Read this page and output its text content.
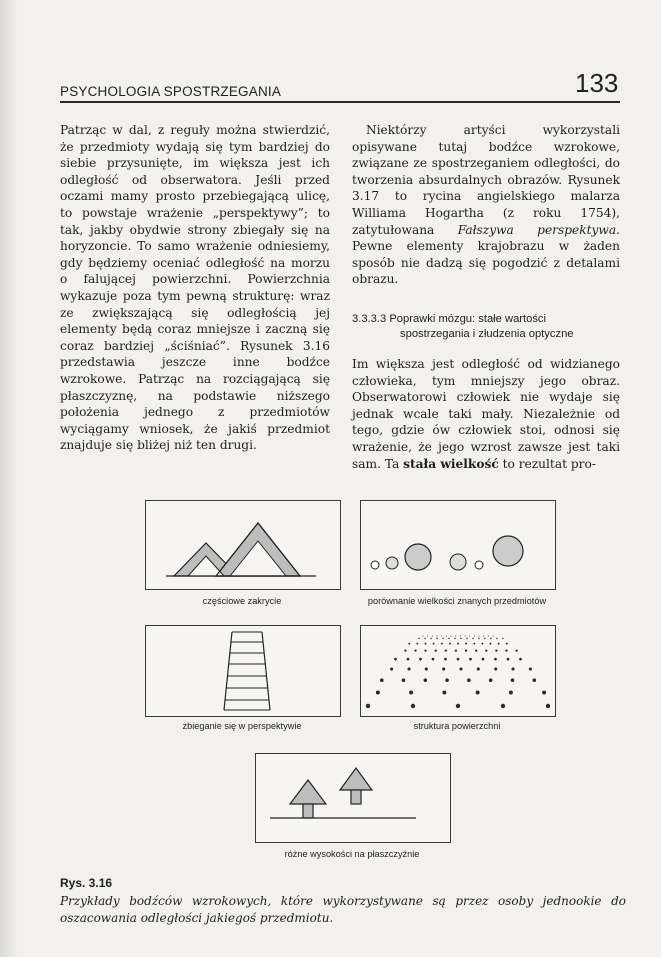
PSYCHOLOGIA SPOSTRZEGANIA	133

Patrząc w dal, z reguły można stwierdzić, że przedmioty wydają się tym bardziej do siebie przysunięte, im większa jest ich odległość od obserwatora. Jeśli przed oczami mamy prosto przebiegającą ulicę, to powstaje wrażenie „perspektywy”; to tak, jakby obydwie strony zbiegały się na horyzoncie. To samo wrażenie odniesiemy, gdy będziemy oceniać odległość na morzu o falującej powierzchni. Powierzchnia wykazuje poza tym pewną strukturę: wraz ze zwiększającą się odległością jej elementy będą coraz mniejsze i zaczną się coraz bardziej „ściśniać”. Rysunek 3.16 przedstawia jeszcze inne bodźce wzrokowe. Patrząc na rozciągającą się płaszczyznę, na podstawie niższego położenia jednego z przedmiotów wyciągamy wniosek, że jakiś przedmiot znajduje się bliżej niż ten drugi.

Niektórzy artyści wykorzystali opisywane tutaj bodźce wzrokowe, związane ze spostrzeganiem odległości, do tworzenia absurdalnych obrazów. Rysunek 3.17 to rycina angielskiego malarza Williama Hogartha (z roku 1754), zatytułowana Fałszywa perspektywa. Pewne elementy krajobrazu w żaden sposób nie dadzą się pogodzić z detalami obrazu.

3.3.3.3 Poprawki mózgu: stałe wartości
spostrzegania i złudzenia optyczne

Im większa jest odległość od widzianego człowieka, tym mniejszy jego obraz. Obserwatorowi człowiek nie wydaje się jednak wcale taki mały. Niezależnie od tego, gdzie ów człowiek stoi, odnosi się wrażenie, że jego wzrost zawsze jest taki sam. Ta stała wielkość to rezultat pro-

częściowe zakrycie	porównanie wielkości znanych przedmiotów
zbieganie się w perspektywie	struktura powierzchni
różne wysokości na płaszczyźnie
Rys. 3.16
Przykłady bodźców wzrokowych, które wykorzystywane są przez osoby jednookie do oszacowania odległości jakiegoś przedmiotu.
